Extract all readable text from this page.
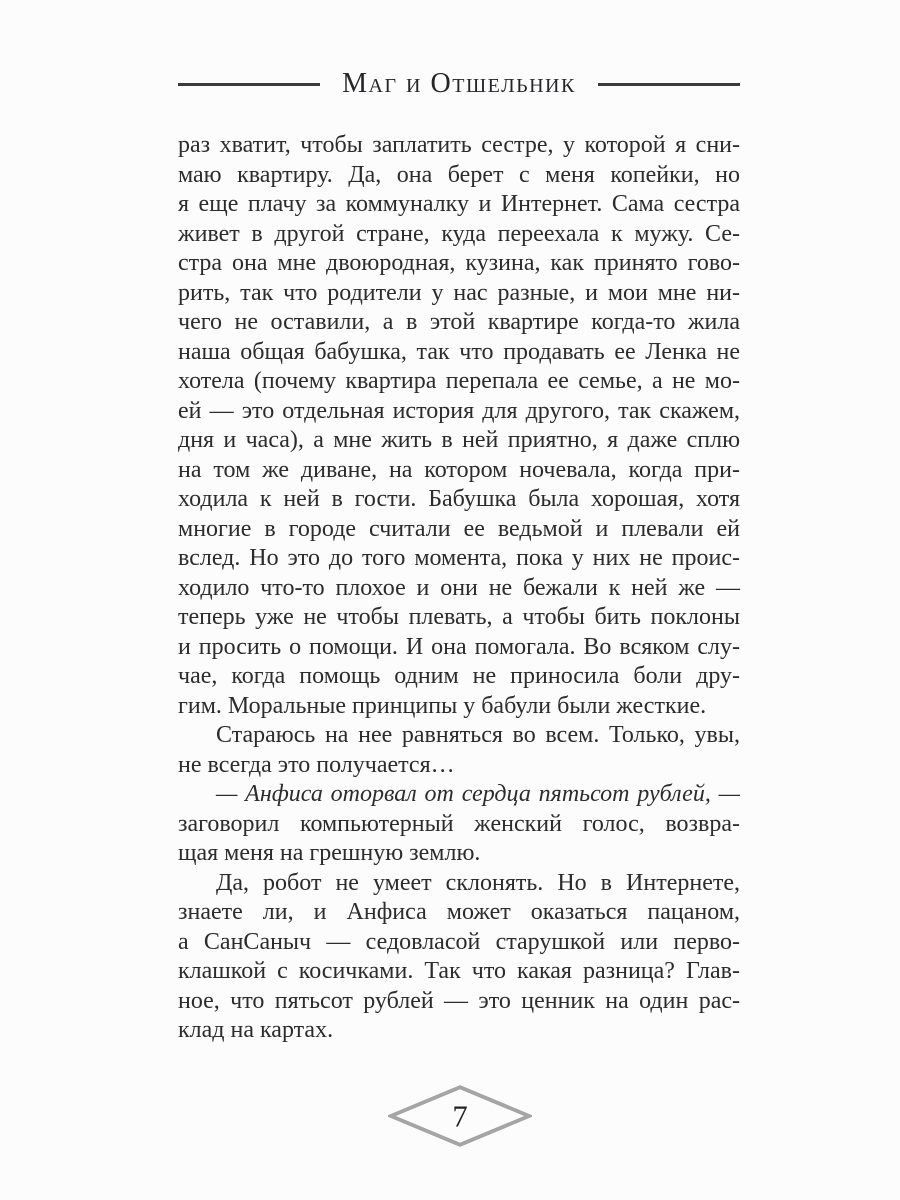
Маг и Отшельник
раз хватит, чтобы заплатить сестре, у которой я сни-
маю квартиру. Да, она берет с меня копейки, но
я еще плачу за коммуналку и Интернет. Сама сестра
живет в другой стране, куда переехала к мужу. Се-
стра она мне двоюродная, кузина, как принято гово-
рить, так что родители у нас разные, и мои мне ни-
чего не оставили, а в этой квартире когда-то жила
наша общая бабушка, так что продавать ее Ленка не
хотела (почему квартира перепала ее семье, а не мо-
ей — это отдельная история для другого, так скажем,
дня и часа), а мне жить в ней приятно, я даже сплю
на том же диване, на котором ночевала, когда при-
ходила к ней в гости. Бабушка была хорошая, хотя
многие в городе считали ее ведьмой и плевали ей
вслед. Но это до того момента, пока у них не проис-
ходило что-то плохое и они не бежали к ней же —
теперь уже не чтобы плевать, а чтобы бить поклоны
и просить о помощи. И она помогала. Во всяком слу-
чае, когда помощь одним не приносила боли дру-
гим. Моральные принципы у бабули были жесткие.
Стараюсь на нее равняться во всем. Только, увы,
не всегда это получается…
— Анфиса оторвал от сердца пятьсот рублей, —
заговорил компьютерный женский голос, возвра-
щая меня на грешную землю.
Да, робот не умеет склонять. Но в Интернете,
знаете ли, и Анфиса может оказаться пацаном,
а СанСаныч — седовласой старушкой или перво-
клашкой с косичками. Так что какая разница? Глав-
ное, что пятьсот рублей — это ценник на один рас-
клад на картах.
7
